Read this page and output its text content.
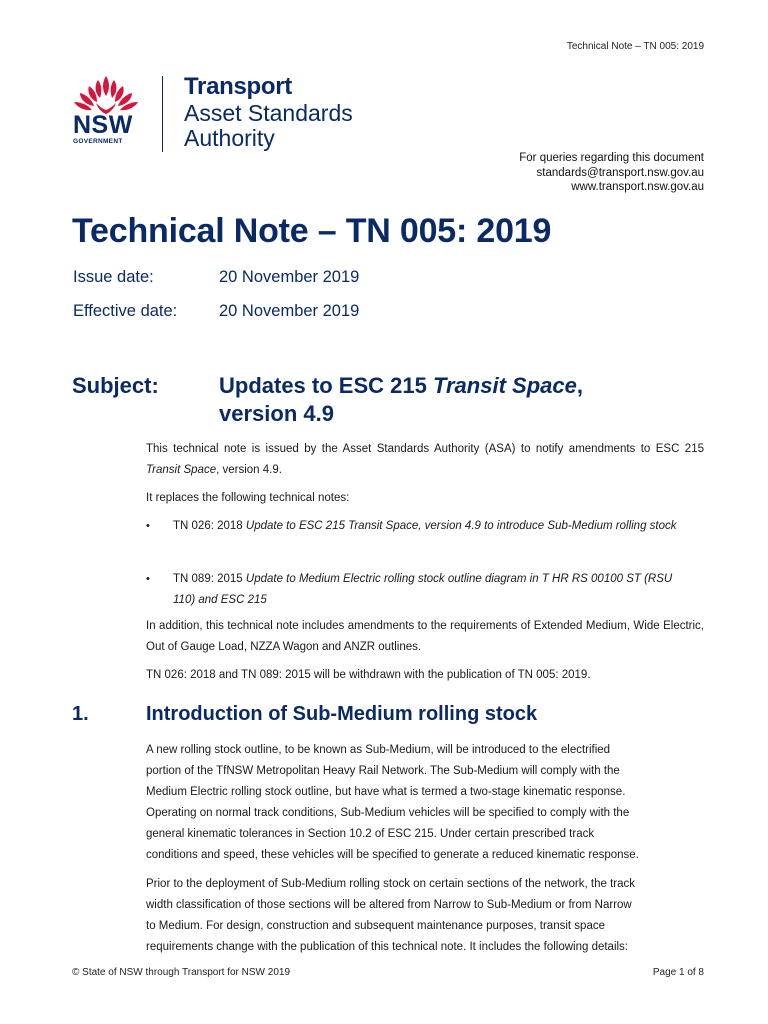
Technical Note – TN 005: 2019
NSW
GOVERNMENT
Transport
Asset Standards
Authority
For queries regarding this document
standards@transport.nsw.gov.au
www.transport.nsw.gov.au
Technical Note – TN 005: 2019
Issue date:	20 November 2019
Effective date:	20 November 2019
Subject:	Updates to ESC 215 Transit Space,
version 4.9
This technical note is issued by the Asset Standards Authority (ASA) to notify amendments to ESC 215 Transit Space, version 4.9.
It replaces the following technical notes:
• TN 026: 2018 Update to ESC 215 Transit Space, version 4.9 to introduce Sub-Medium rolling stock
• TN 089: 2015 Update to Medium Electric rolling stock outline diagram in T HR RS 00100 ST (RSU 110) and ESC 215
In addition, this technical note includes amendments to the requirements of Extended Medium, Wide Electric, Out of Gauge Load, NZZA Wagon and ANZR outlines.
TN 026: 2018 and TN 089: 2015 will be withdrawn with the publication of TN 005: 2019.
1.	Introduction of Sub-Medium rolling stock
A new rolling stock outline, to be known as Sub-Medium, will be introduced to the electrified
portion of the TfNSW Metropolitan Heavy Rail Network. The Sub-Medium will comply with the
Medium Electric rolling stock outline, but have what is termed a two-stage kinematic response.
Operating on normal track conditions, Sub-Medium vehicles will be specified to comply with the
general kinematic tolerances in Section 10.2 of ESC 215. Under certain prescribed track
conditions and speed, these vehicles will be specified to generate a reduced kinematic response.
Prior to the deployment of Sub-Medium rolling stock on certain sections of the network, the track
width classification of those sections will be altered from Narrow to Sub-Medium or from Narrow
to Medium. For design, construction and subsequent maintenance purposes, transit space
requirements change with the publication of this technical note. It includes the following details:
© State of NSW through Transport for NSW 2019	Page 1 of 8
